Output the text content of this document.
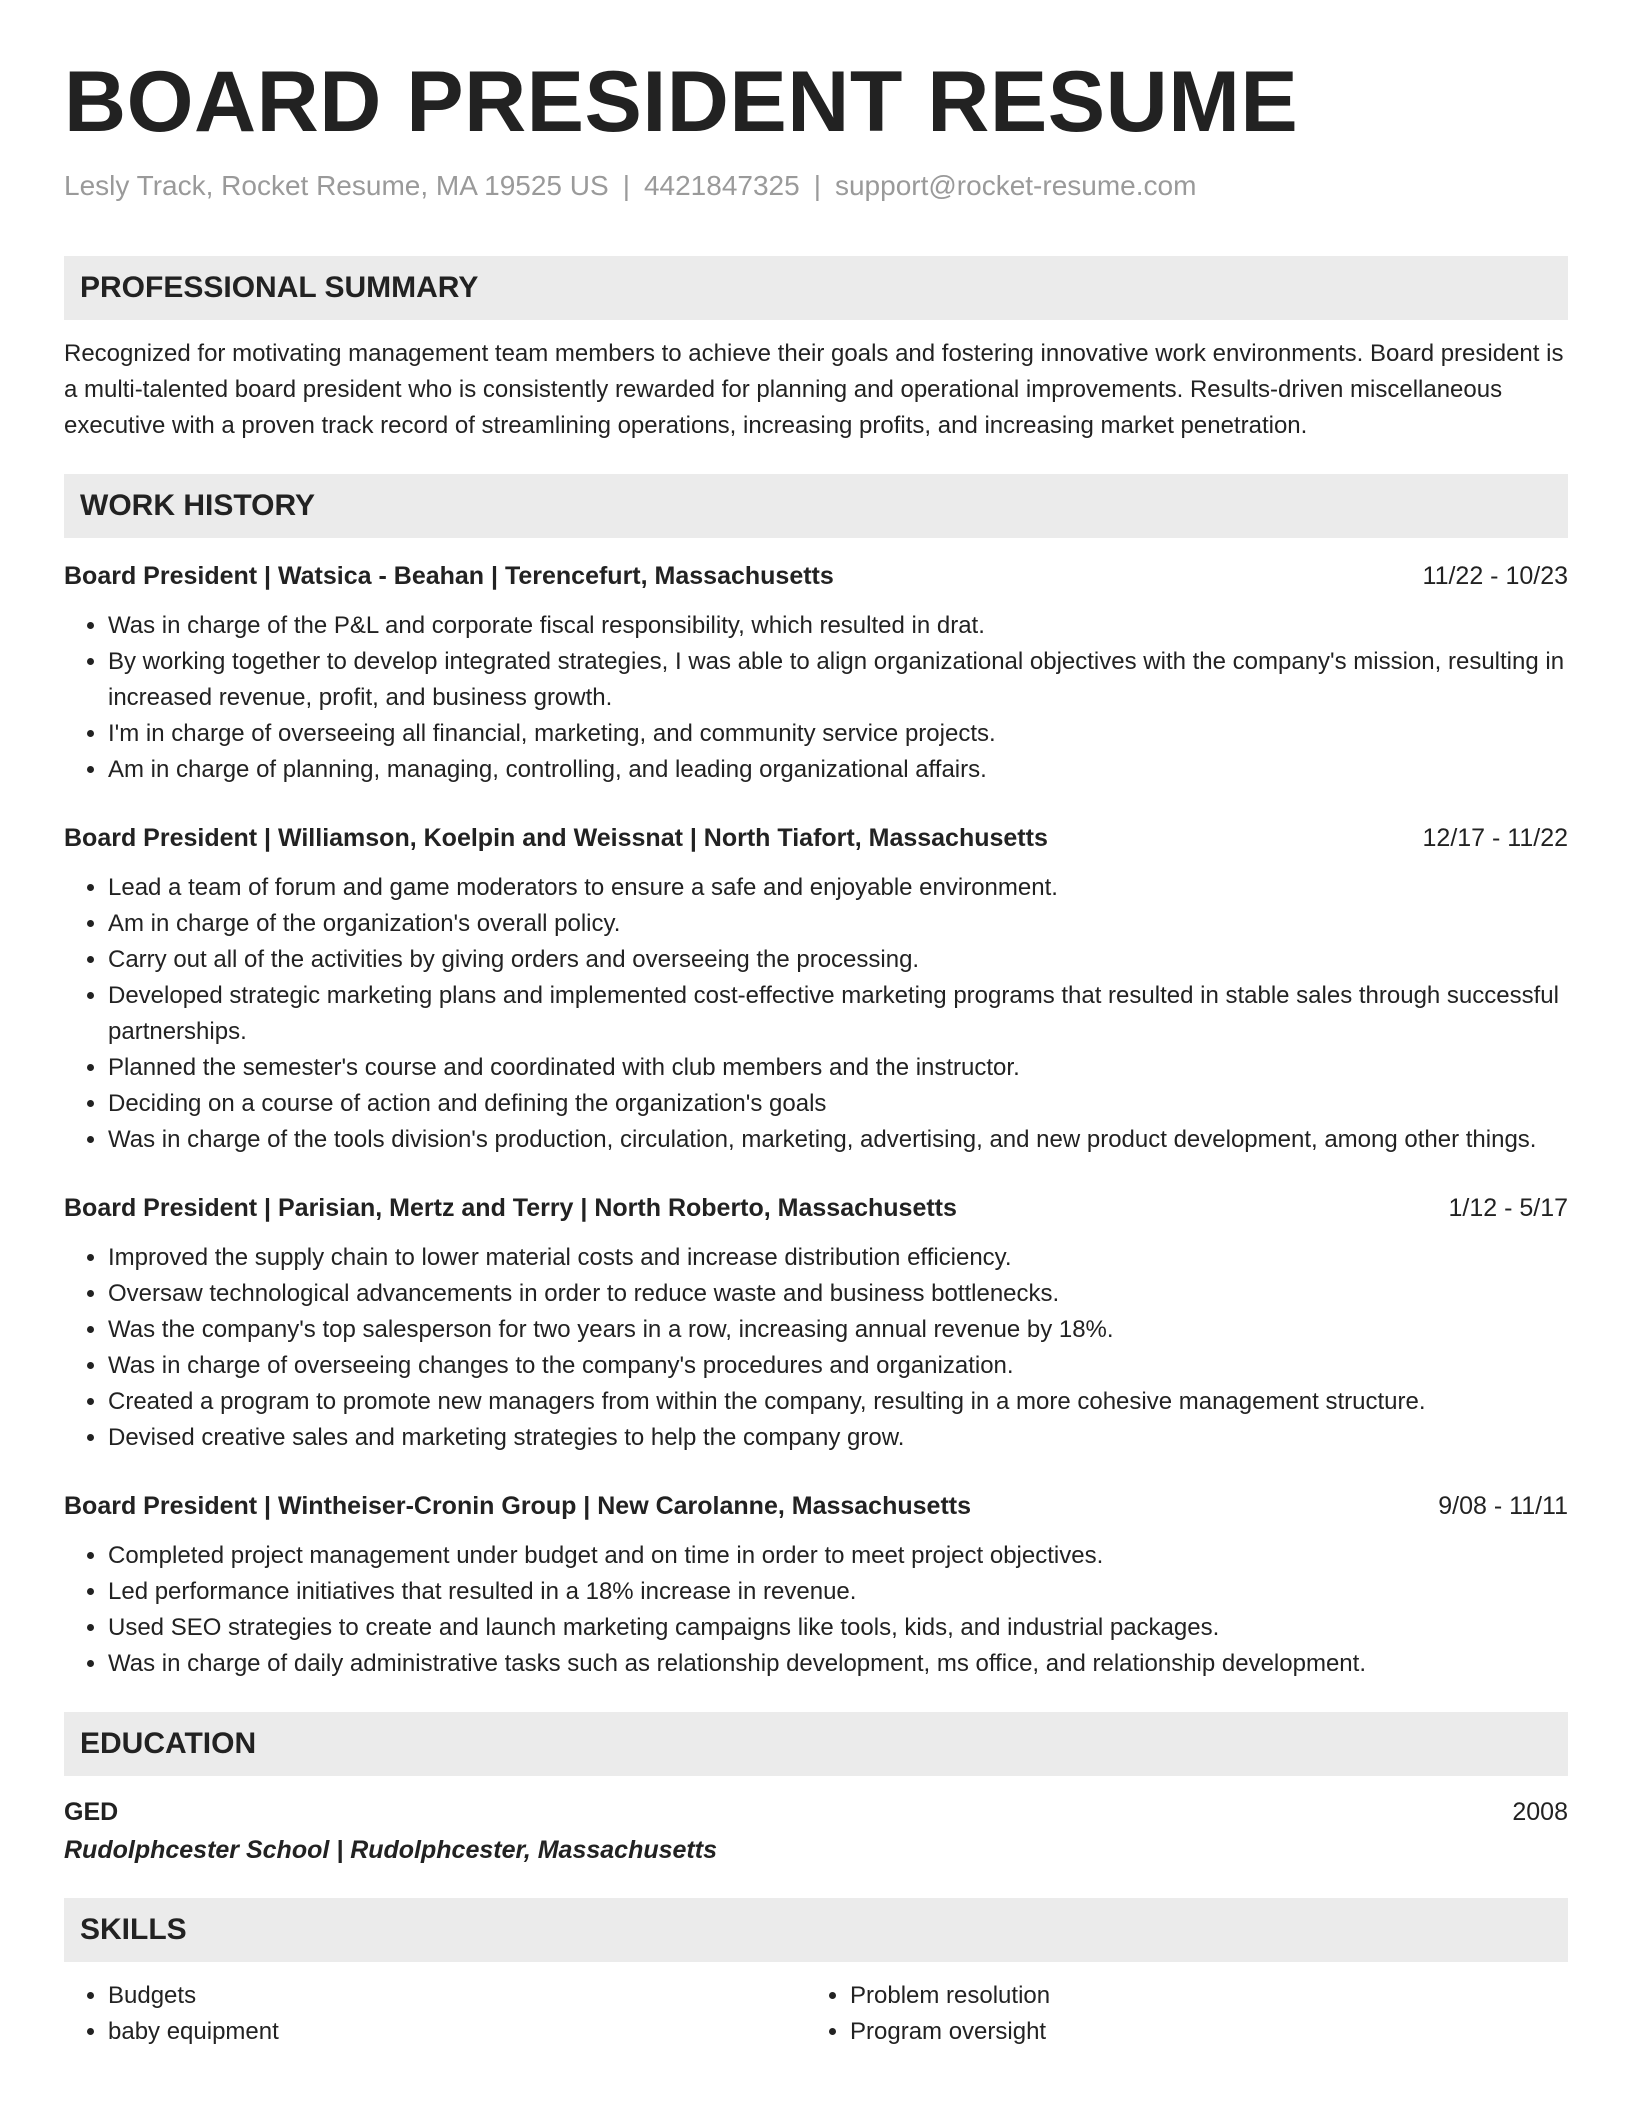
BOARD PRESIDENT RESUME
Lesly Track, Rocket Resume, MA 19525 US | 4421847325 | support@rocket-resume.com
PROFESSIONAL SUMMARY

Recognized for motivating management team members to achieve their goals and fostering innovative work environments. Board president is a multi-talented board president who is consistently rewarded for planning and operational improvements. Results-driven miscellaneous executive with a proven track record of streamlining operations, increasing profits, and increasing market penetration.

WORK HISTORY
Board President | Watsica - Beahan | Terencefurt, Massachusetts	11/22 - 10/23
• Was in charge of the P&L and corporate fiscal responsibility, which resulted in drat.
• By working together to develop integrated strategies, I was able to align organizational objectives with the company's mission, resulting in increased revenue, profit, and business growth.
• I'm in charge of overseeing all financial, marketing, and community service projects.
• Am in charge of planning, managing, controlling, and leading organizational affairs.
Board President | Williamson, Koelpin and Weissnat | North Tiafort, Massachusetts	12/17 - 11/22
• Lead a team of forum and game moderators to ensure a safe and enjoyable environment.
• Am in charge of the organization's overall policy.
• Carry out all of the activities by giving orders and overseeing the processing.
• Developed strategic marketing plans and implemented cost-effective marketing programs that resulted in stable sales through successful partnerships.
• Planned the semester's course and coordinated with club members and the instructor.
• Deciding on a course of action and defining the organization's goals
• Was in charge of the tools division's production, circulation, marketing, advertising, and new product development, among other things.
Board President | Parisian, Mertz and Terry | North Roberto, Massachusetts	1/12 - 5/17
• Improved the supply chain to lower material costs and increase distribution efficiency.
• Oversaw technological advancements in order to reduce waste and business bottlenecks.
• Was the company's top salesperson for two years in a row, increasing annual revenue by 18%.
• Was in charge of overseeing changes to the company's procedures and organization.
• Created a program to promote new managers from within the company, resulting in a more cohesive management structure.
• Devised creative sales and marketing strategies to help the company grow.
Board President | Wintheiser-Cronin Group | New Carolanne, Massachusetts	9/08 - 11/11
• Completed project management under budget and on time in order to meet project objectives.
• Led performance initiatives that resulted in a 18% increase in revenue.
• Used SEO strategies to create and launch marketing campaigns like tools, kids, and industrial packages.
• Was in charge of daily administrative tasks such as relationship development, ms office, and relationship development.
EDUCATION
GED	2008
Rudolphcester School | Rudolphcester, Massachusetts
SKILLS
• Budgets
• baby equipment
• Problem resolution
• Program oversight
